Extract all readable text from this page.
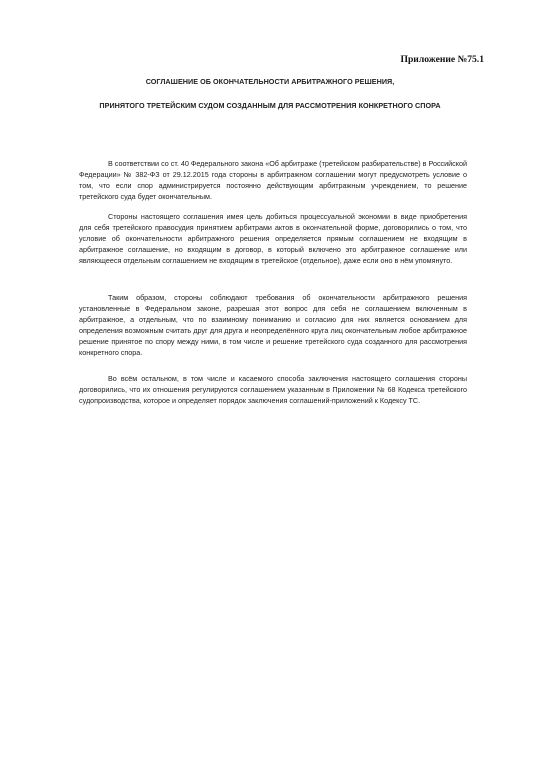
Приложение №75.1
СОГЛАШЕНИЕ ОБ ОКОНЧАТЕЛЬНОСТИ АРБИТРАЖНОГО РЕШЕНИЯ,
ПРИНЯТОГО ТРЕТЕЙСКИМ СУДОМ СОЗДАННЫМ ДЛЯ РАССМОТРЕНИЯ КОНКРЕТНОГО СПОРА
В соответствии со ст. 40 Федерального закона «Об арбитраже (третейском разбирательстве) в Российской Федерации» № 382-ФЗ от 29.12.2015 года стороны в арбитражном соглашении могут предусмотреть условие о том, что если спор администрируется постоянно действующим арбитражным учреждением, то решение третейского суда будет окончательным.
Стороны настоящего соглашения имея цель добиться процессуальной экономии в виде приобретения для себя третейского правосудия принятием арбитрами актов в окончательной форме, договорились о том, что условие об окончательности арбитражного решения определяется прямым соглашением не входящим в арбитражное соглашение, но входящим в договор, в который включено это арбитражное соглашение или являющееся отдельным соглашением не входящим в третейское (отдельное), даже если оно в нём упомянуто.
Таким образом, стороны соблюдают требования об окончательности арбитражного решения установленные в Федеральном законе, разрешая этот вопрос для себя не соглашением включенным в арбитражное, а отдельным, что по взаимному пониманию и согласию для них является основанием для определения возможным считать друг для друга и неопределённого круга лиц окончательным любое арбитражное решение принятое по спору между ними, в том числе и решение третейского суда созданного для рассмотрения конкретного спора.
Во всём остальном, в том числе и касаемого способа заключения настоящего соглашения стороны договорились, что их отношения регулируются соглашением указанным в Приложении № 68 Кодекса третейского судопроизводства, которое и определяет порядок заключения соглашений-приложений к Кодексу ТС.
